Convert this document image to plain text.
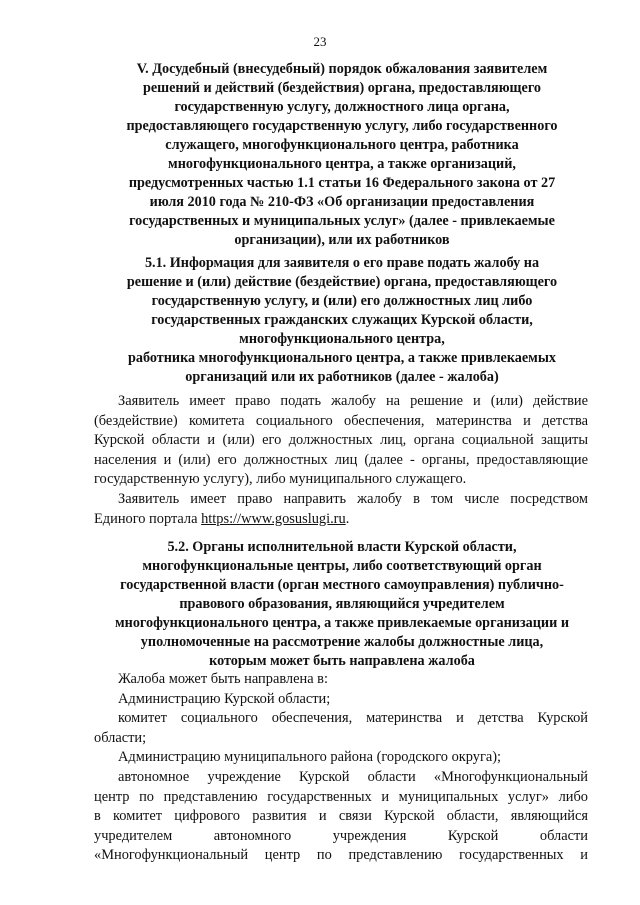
23
V. Досудебный (внесудебный) порядок обжалования заявителем
решений и действий (бездействия) органа, предоставляющего
государственную услугу, должностного лица органа,
предоставляющего государственную услугу, либо государственного
служащего, многофункционального центра, работника
многофункционального центра, а также организаций,
предусмотренных частью 1.1 статьи 16 Федерального закона от 27
июля 2010 года № 210-ФЗ «Об организации предоставления
государственных и муниципальных услуг» (далее - привлекаемые
организации), или их работников
5.1. Информация для заявителя о его праве подать жалобу на
решение и (или) действие (бездействие) органа, предоставляющего
государственную услугу, и (или) его должностных лиц либо
государственных гражданских служащих Курской области,
многофункционального центра,
работника многофункционального центра, а также привлекаемых
организаций или их работников (далее - жалоба)
Заявитель имеет право подать жалобу на решение и (или) действие
(бездействие) комитета социального обеспечения, материнства и детства
Курской области и (или) его должностных лиц, органа социальной защиты
населения и (или) его должностных лиц (далее - органы, предоставляющие
государственную услугу), либо муниципального служащего.
Заявитель имеет право направить жалобу в том числе посредством
Единого портала https://www.gosuslugi.ru.
5.2. Органы исполнительной власти Курской области,
многофункциональные центры, либо соответствующий орган
государственной власти (орган местного самоуправления) публично-
правового образования, являющийся учредителем
многофункционального центра, а также привлекаемые организации и
уполномоченные на рассмотрение жалобы должностные лица,
которым может быть направлена жалоба
Жалоба может быть направлена в:
Администрацию Курской области;
комитет социального обеспечения, материнства и детства Курской
области;
Администрацию муниципального района (городского округа);
автономное учреждение Курской области «Многофункциональный
центр по представлению государственных и муниципальных услуг» либо
в комитет цифрового развития и связи Курской области, являющийся
учредителем автономного учреждения Курской области
«Многофункциональный центр по представлению государственных и
